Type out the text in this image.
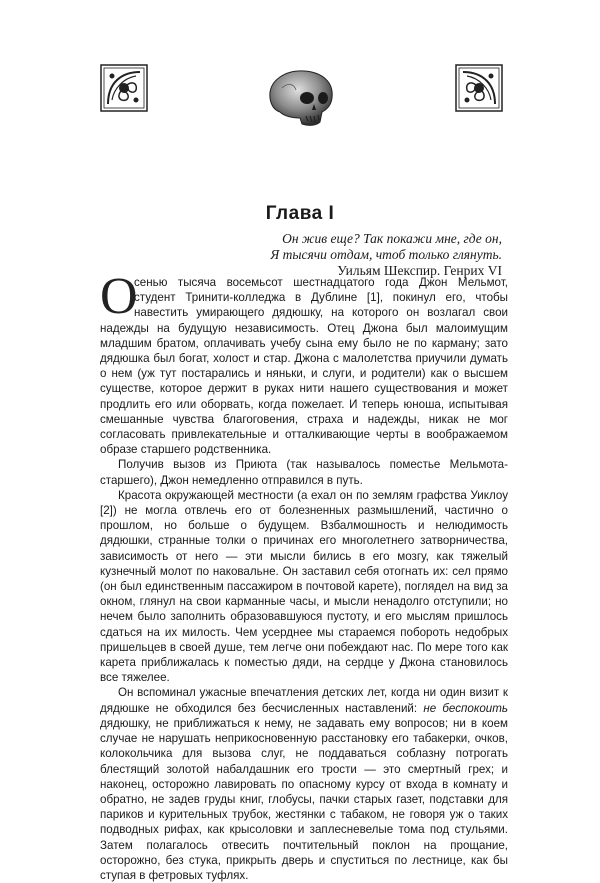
Глава I
Он жив еще? Так покажи мне, где он,
Я тысячи отдам, чтоб только глянуть.
Уильям Шекспир. Генрих VI

О
сенью тысяча восемьсот шестнадцатого года Джон Мельмот, студент Тринити-колледжа в Дублине [1], покинул его, чтобы навестить умирающего дядюшку, на которого он возлагал свои надежды на будущую независимость. Отец Джона был малоимущим младшим братом, оплачивать учебу сына ему было не по карману; зато дядюшка был богат, холост и стар. Джона с малолетства приучили думать о нем (уж тут постарались и няньки, и слуги, и родители) как о высшем существе, которое держит в руках нити нашего существования и может продлить его или оборвать, когда пожелает. И теперь юноша, испытывая смешанные чувства благоговения, страха и надежды, никак не мог согласовать привлекательные и отталкивающие черты в воображаемом образе старшего родственника.

Получив вызов из Приюта (так называлось поместье Мельмота-старшего), Джон немедленно отправился в путь.

Красота окружающей местности (а ехал он по землям графства Уиклоу [2]) не могла отвлечь его от болезненных размышлений, частично о прошлом, но больше о будущем. Взбалмошность и нелюдимость дядюшки, странные толки о причинах его многолетнего затворничества, зависимость от него — эти мысли бились в его мозгу, как тяжелый кузнечный молот по наковальне. Он заставил себя отогнать их: сел прямо (он был единственным пассажиром в почтовой карете), поглядел на вид за окном, глянул на свои карманные часы, и мысли ненадолго отступили; но нечем было заполнить образовавшуюся пустоту, и его мыслям пришлось сдаться на их милость. Чем усерднее мы стараемся побороть недобрых пришельцев в своей душе, тем легче они побеждают нас. По мере того как карета приближалась к поместью дяди, на сердце у Джона становилось все тяжелее.

Он вспоминал ужасные впечатления детских лет, когда ни один визит к дядюшке не обходился без бесчисленных наставлений: не беспокоить дядюшку, не приближаться к нему, не задавать ему вопросов; ни в коем случае не нарушать неприкосновенную расстановку его табакерки, очков, колокольчика для вызова слуг, не поддаваться соблазну потрогать блестящий золотой набалдашник его трости — это смертный грех; и наконец, осторожно лавировать по опасному курсу от входа в комнату и обратно, не задев груды книг, глобусы, пачки старых газет, подставки для париков и курительных трубок, жестянки с табаком, не говоря уж о таких подводных рифах, как крысоловки и заплесневелые тома под стульями. Затем полагалось отвесить почтительный поклон на прощание, осторожно, без стука, прикрыть дверь и спуститься по лестнице, как бы ступая в фетровых туфлях.
